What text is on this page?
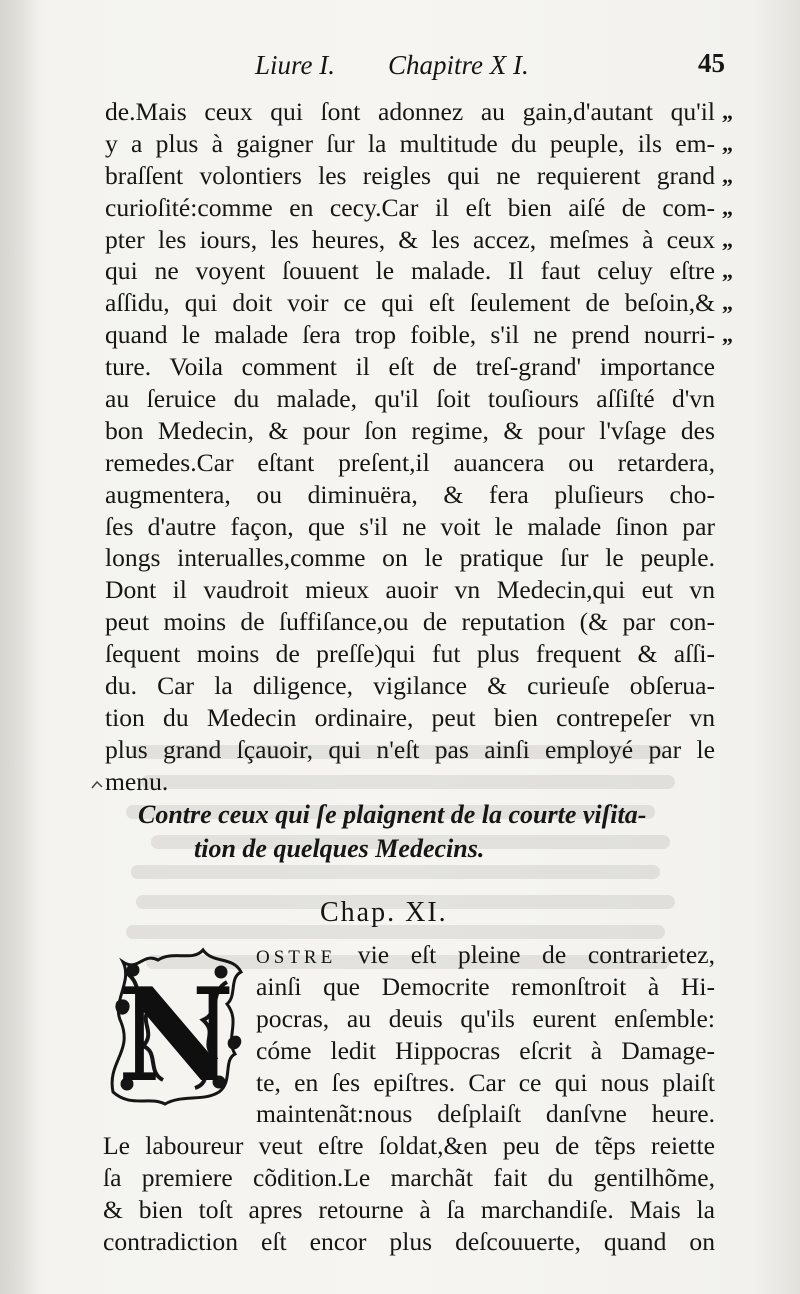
Liure I. Chapitre X I.	45
de.Mais ceux qui ſont adonnez au gain,d'autant qu'il
y a plus à gaigner ſur la multitude du peuple, ils em-
braſſent volontiers les reigles qui ne requierent grand
curioſité:comme en cecy.Car il eſt bien aiſé de com-
pter les iours, les heures, & les accez, meſmes à ceux
qui ne voyent ſouuent le malade. Il faut celuy eſtre
aſſidu, qui doit voir ce qui eſt ſeulement de beſoin,&
quand le malade ſera trop foible, s'il ne prend nourri-
ture. Voila comment il eſt de treſ-grand' importance
au ſeruice du malade, qu'il ſoit touſiours aſſiſté d'vn
bon Medecin, & pour ſon regime, & pour l'vſage des
remedes.Car eſtant preſent,il auancera ou retardera,
augmentera, ou diminuëra, & fera pluſieurs cho-
ſes d'autre façon, que s'il ne voit le malade ſinon par
longs interualles,comme on le pratique ſur le peuple.
Dont il vaudroit mieux auoir vn Medecin,qui eut vn
peut moins de ſuffiſance,ou de reputation (& par con-
ſequent moins de preſſe)qui fut plus frequent & aſſi-
du. Car la diligence, vigilance & curieuſe obſerua-
tion du Medecin ordinaire, peut bien contrepeſer vn
plus grand ſçauoir, qui n'eſt pas ainſi employé par le
menu.
„
„
„
„
„
„
„
„
Contre ceux qui ſe plaignent de la courte viſita-
tion de quelques Medecins.
Chap. XI.
N
OSTRE vie eſt pleine de contrarietez,
ainſi que Democrite remonſtroit à Hi-
pocras, au deuis qu'ils eurent enſemble:
cóme ledit Hippocras eſcrit à Damage-
te, en ſes epiſtres. Car ce qui nous plaiſt
maintenãt:nous deſplaiſt danſvne heure.
Le laboureur veut eſtre ſoldat,&en peu de tẽps reiette
ſa premiere cõdition.Le marchãt fait du gentilhõme,
& bien toſt apres retourne à ſa marchandiſe. Mais la
contradiction eſt encor plus deſcouuerte, quand on
